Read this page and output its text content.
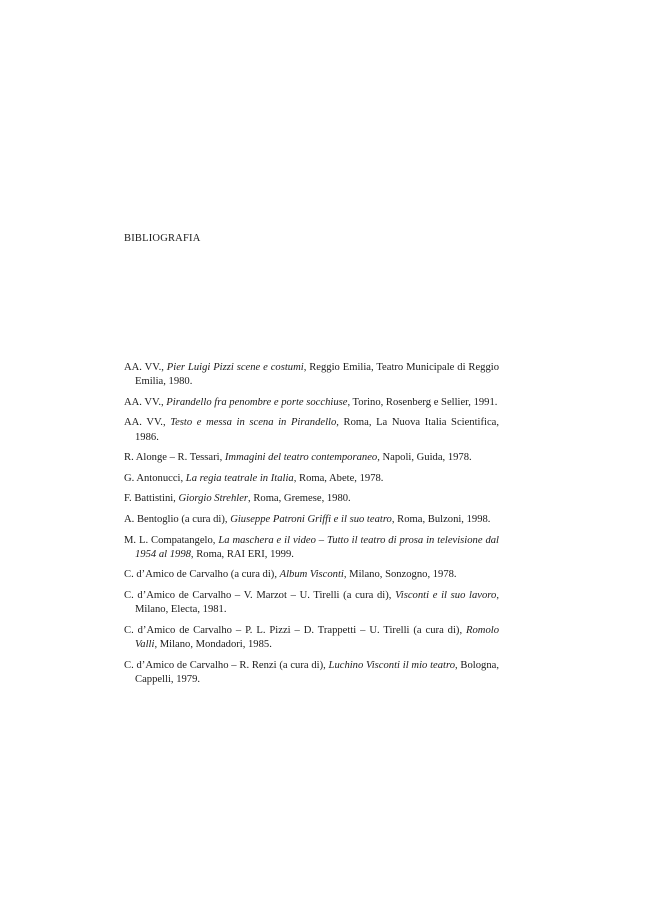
BIBLIOGRAFIA
AA. VV., Pier Luigi Pizzi scene e costumi, Reggio Emilia, Teatro Municipale di Reggio Emilia, 1980.
AA. VV., Pirandello fra penombre e porte socchiuse, Torino, Rosenberg e Sellier, 1991.
AA. VV., Testo e messa in scena in Pirandello, Roma, La Nuova Italia Scientifica, 1986.
R. Alonge – R. Tessari, Immagini del teatro contemporaneo, Napoli, Guida, 1978.
G. Antonucci, La regia teatrale in Italia, Roma, Abete, 1978.
F. Battistini, Giorgio Strehler, Roma, Gremese, 1980.
A. Bentoglio (a cura di), Giuseppe Patroni Griffi e il suo teatro, Roma, Bulzoni, 1998.
M. L. Compatangelo, La maschera e il video – Tutto il teatro di prosa in televisione dal 1954 al 1998, Roma, RAI ERI, 1999.
C. d’Amico de Carvalho (a cura di), Album Visconti, Milano, Sonzogno, 1978.
C. d’Amico de Carvalho – V. Marzot – U. Tirelli (a cura di), Visconti e il suo lavoro, Milano, Electa, 1981.
C. d’Amico de Carvalho – P. L. Pizzi – D. Trappetti – U. Tirelli (a cura di), Romolo Valli, Milano, Mondadori, 1985.
C. d’Amico de Carvalho – R. Renzi (a cura di), Luchino Visconti il mio teatro, Bologna, Cappelli, 1979.
